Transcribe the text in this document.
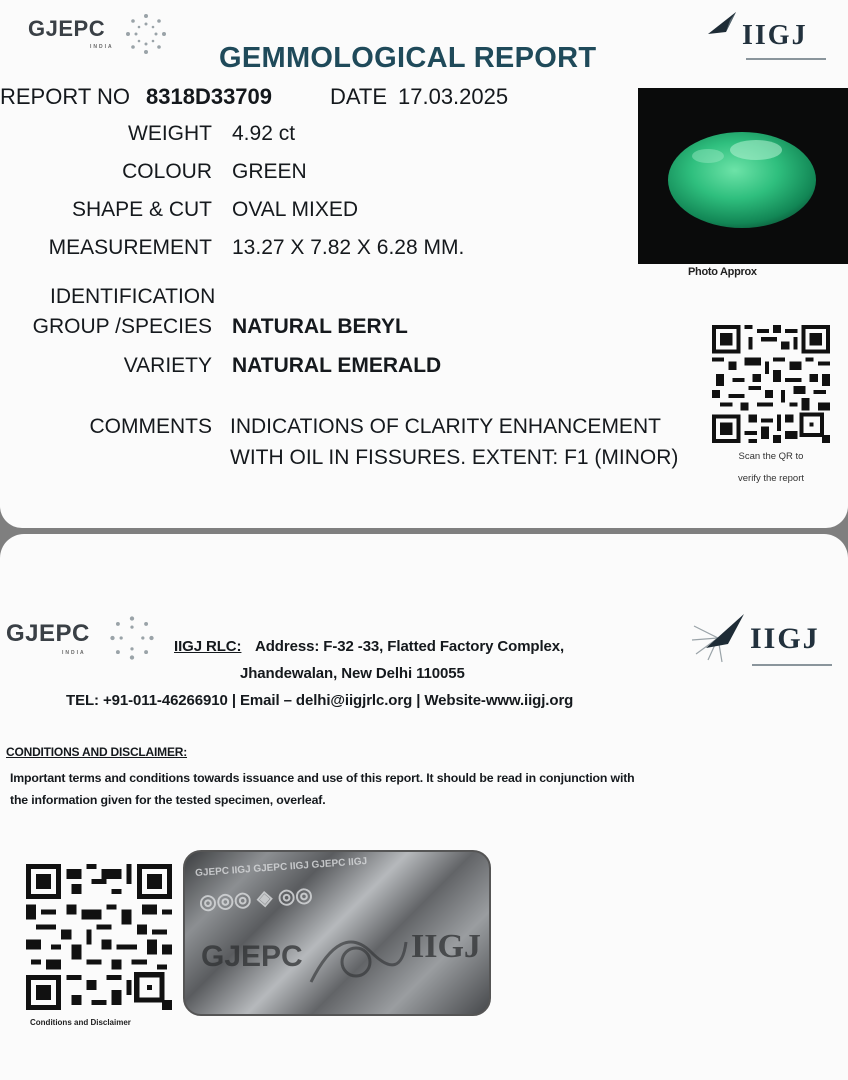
GJEPC
INDIA	IIGJ
GEMMOLOGICAL REPORT
REPORT NO 8318D33709	DATE 17.03.2025
WEIGHT 4.92 ct
COLOUR GREEN
SHAPE & CUT OVAL MIXED
MEASUREMENT 13.27 X 7.82 X 6.28 MM.
IDENTIFICATION
GROUP /SPECIES NATURAL BERYL
VARIETY NATURAL EMERALD
COMMENTS INDICATIONS OF CLARITY ENHANCEMENT
WITH OIL IN FISSURES. EXTENT: F1 (MINOR)
Photo Approx
Scan the QR to
verify the report
GJEPC
INDIA	IIGJ
IIGJ RLC: Address: F-32 -33, Flatted Factory Complex,
Jhandewalan, New Delhi 110055
TEL: +91-011-46266910 | Email – delhi@iigjrlc.org | Website-www.iigj.org
CONDITIONS AND DISCLAIMER:
Important terms and conditions towards issuance and use of this report. It should be read in conjunction with
the information given for the tested specimen, overleaf.
Conditions and Disclaimer
GJEPC IIGJ GJEPC IIGJ GJEPC IIGJ
◎◎◎ ◈ ◎◎
GJEPC	IIGJ
